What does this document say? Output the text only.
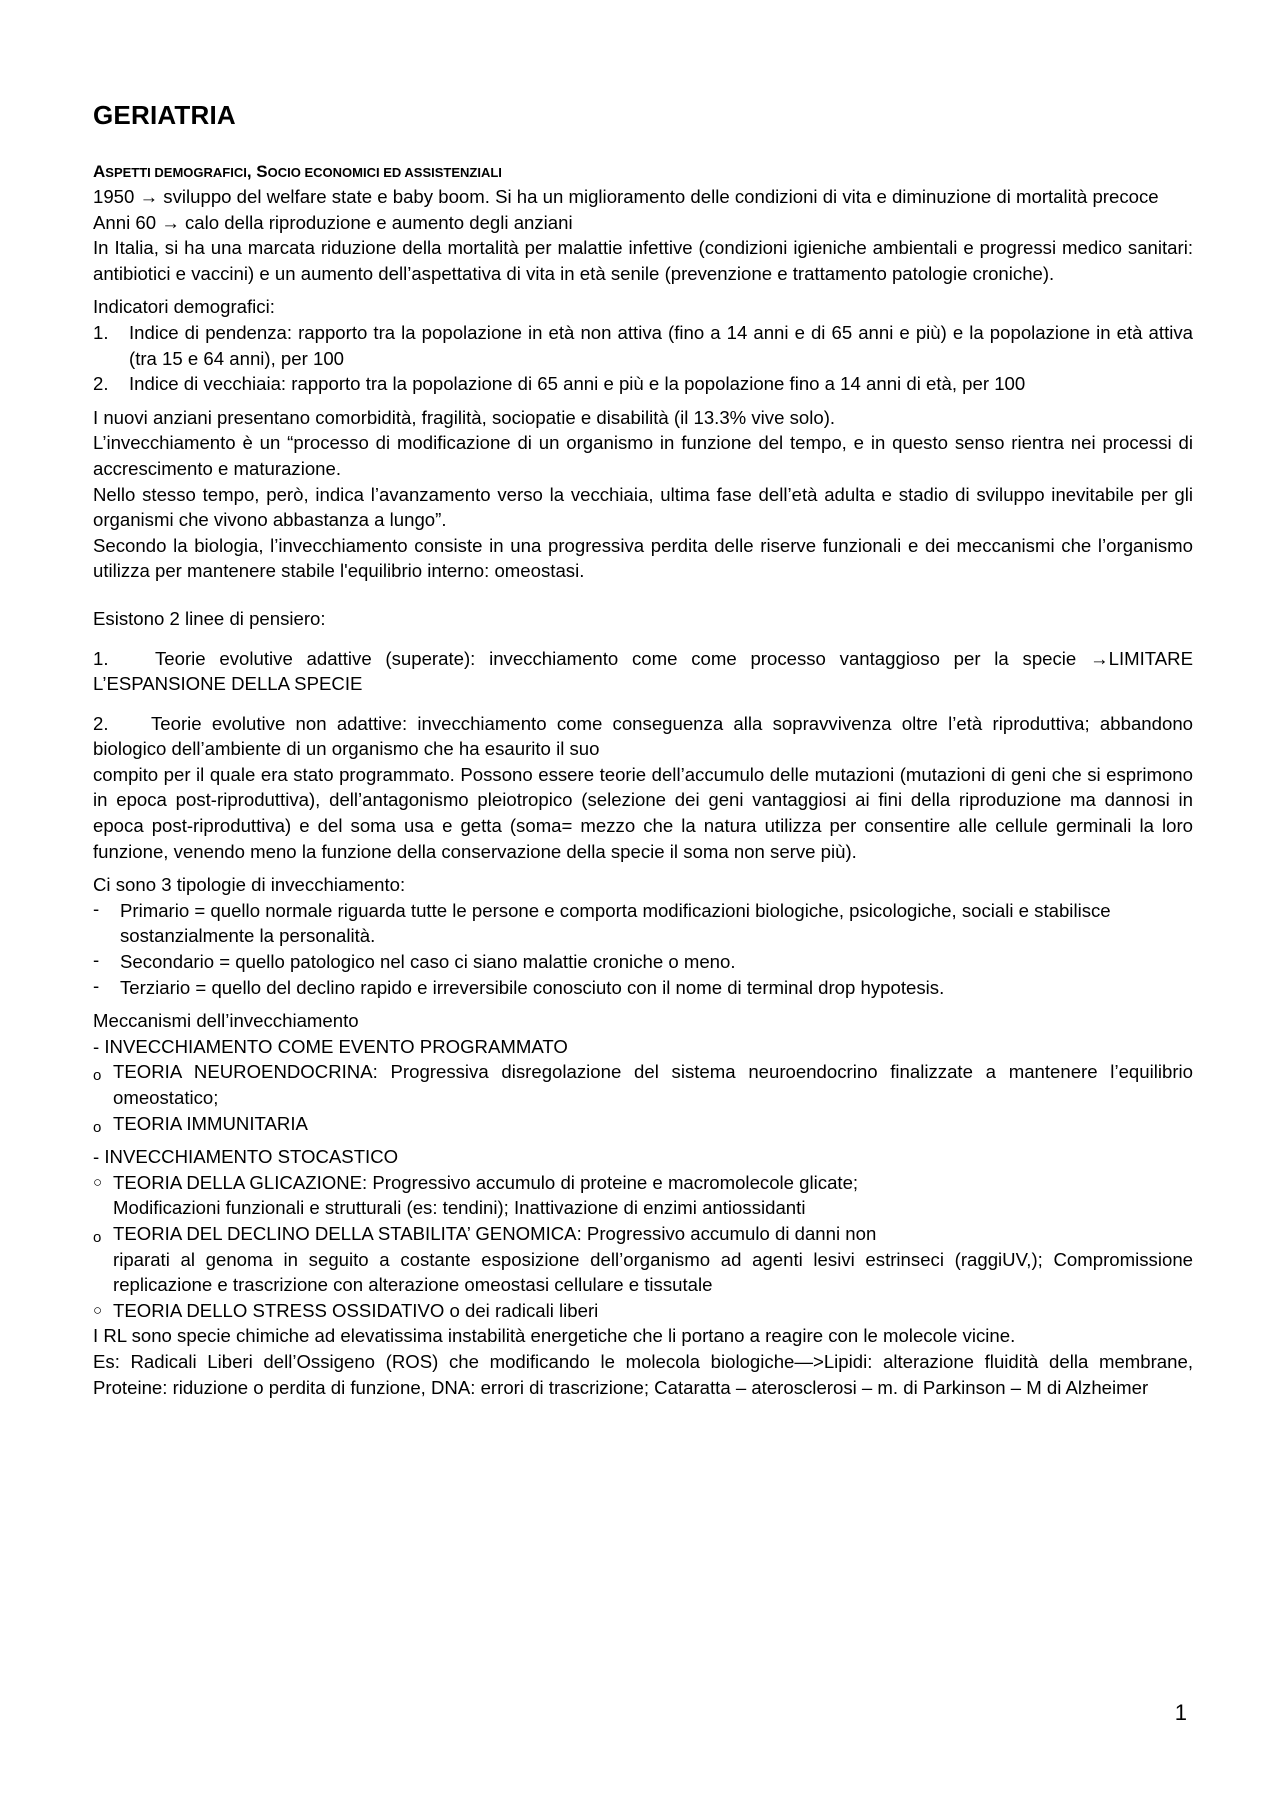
GERIATRIA
ASPETTI DEMOGRAFICI, SOCIO ECONOMICI ED ASSISTENZIALI

1950 → sviluppo del welfare state e baby boom. Si ha un miglioramento delle condizioni di vita e diminuzione di mortalità precoce

Anni 60 → calo della riproduzione e aumento degli anziani

In Italia, si ha una marcata riduzione della mortalità per malattie infettive (condizioni igieniche ambientali e progressi medico sanitari: antibiotici e vaccini) e un aumento dell’aspettativa di vita in età senile (prevenzione e trattamento patologie croniche).

Indicatori demografici:

1. Indice di pendenza: rapporto tra la popolazione in età non attiva (fino a 14 anni e di 65 anni e più) e la popolazione in età attiva (tra 15 e 64 anni), per 100
2. Indice di vecchiaia: rapporto tra la popolazione di 65 anni e più e la popolazione fino a 14 anni di età, per 100

I nuovi anziani presentano comorbidità, fragilità, sociopatie e disabilità (il 13.3% vive solo).

L’invecchiamento è un “processo di modificazione di un organismo in funzione del tempo, e in questo senso rientra nei processi di accrescimento e maturazione.

Nello stesso tempo, però, indica l’avanzamento verso la vecchiaia, ultima fase dell’età adulta e stadio di sviluppo inevitabile per gli organismi che vivono abbastanza a lungo”.

Secondo la biologia, l’invecchiamento consiste in una progressiva perdita delle riserve funzionali e dei meccanismi che l’organismo utilizza per mantenere stabile l'equilibrio interno: omeostasi.

Esistono 2 linee di pensiero:

1. Teorie evolutive adattive (superate): invecchiamento come come processo vantaggioso per la specie →LIMITARE L’ESPANSIONE DELLA SPECIE

2. Teorie evolutive non adattive: invecchiamento come conseguenza alla sopravvivenza oltre l’età riproduttiva; abbandono biologico dell’ambiente di un organismo che ha esaurito il suo

compito per il quale era stato programmato. Possono essere teorie dell’accumulo delle mutazioni (mutazioni di geni che si esprimono in epoca post-riproduttiva), dell’antagonismo pleiotropico (selezione dei geni vantaggiosi ai fini della riproduzione ma dannosi in epoca post-riproduttiva) e del soma usa e getta (soma= mezzo che la natura utilizza per consentire alle cellule germinali la loro funzione, venendo meno la funzione della conservazione della specie il soma non serve più).

Ci sono 3 tipologie di invecchiamento:

- Primario = quello normale riguarda tutte le persone e comporta modificazioni biologiche, psicologiche, sociali e stabilisce sostanzialmente la personalità.
- Secondario = quello patologico nel caso ci siano malattie croniche o meno.
- Terziario = quello del declino rapido e irreversibile conosciuto con il nome di terminal drop hypotesis.

Meccanismi dell’invecchiamento

- INVECCHIAMENTO COME EVENTO PROGRAMMATO

o TEORIA NEUROENDOCRINA: Progressiva disregolazione del sistema neuroendocrino finalizzate a mantenere l’equilibrio omeostatico;
o TEORIA IMMUNITARIA

- INVECCHIAMENTO STOCASTICO

○ TEORIA DELLA GLICAZIONE: Progressivo accumulo di proteine e macromolecole glicate;

Modificazioni funzionali e strutturali (es: tendini); Inattivazione di enzimi antiossidanti

o TEORIA DEL DECLINO DELLA STABILITA’ GENOMICA: Progressivo accumulo di danni non

riparati al genoma in seguito a costante esposizione dell’organismo ad agenti lesivi estrinseci (raggiUV,); Compromissione replicazione e trascrizione con alterazione omeostasi cellulare e tissutale

○ TEORIA DELLO STRESS OSSIDATIVO o dei radicali liberi

I RL sono specie chimiche ad elevatissima instabilità energetiche che li portano a reagire con le molecole vicine.

Es: Radicali Liberi dell’Ossigeno (ROS) che modificando le molecola biologiche—>Lipidi: alterazione fluidità della membrane, Proteine: riduzione o perdita di funzione, DNA: errori di trascrizione; Cataratta – aterosclerosi – m. di Parkinson – M di Alzheimer

1
